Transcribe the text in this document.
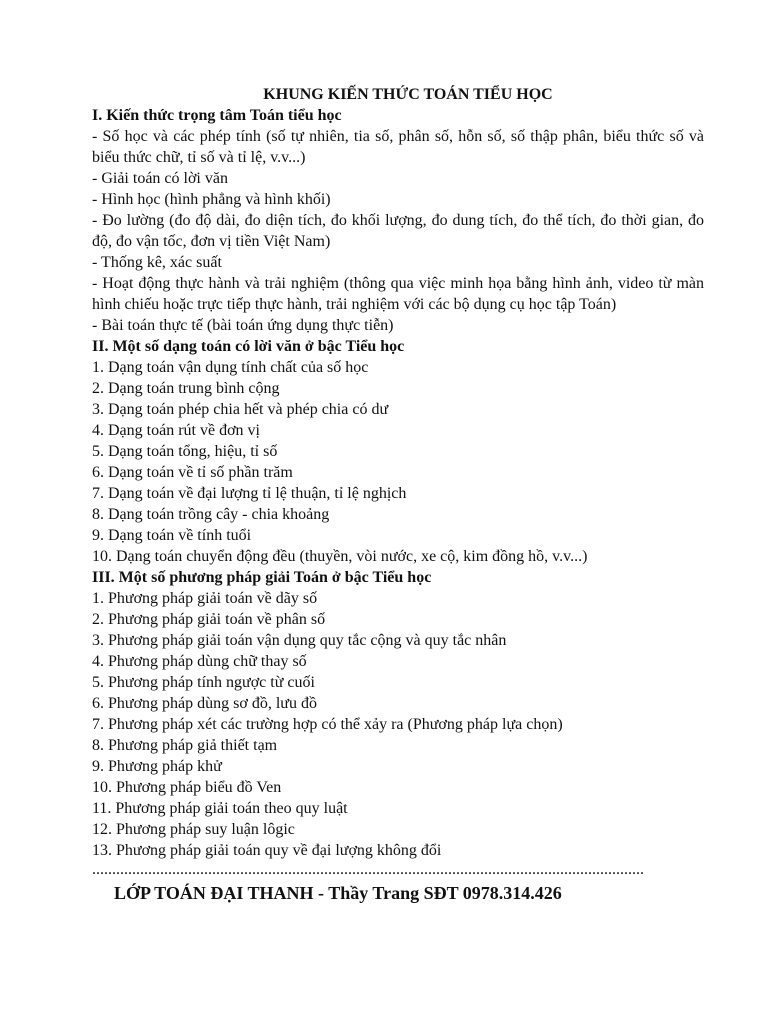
KHUNG KIẾN THỨC TOÁN TIỂU HỌC

I. Kiến thức trọng tâm Toán tiểu học

- Số học và các phép tính (số tự nhiên, tia số, phân số, hỗn số, số thập phân, biểu thức số và biểu thức chữ, tỉ số và tỉ lệ, v.v...)

- Giải toán có lời văn

- Hình học (hình phẳng và hình khối)

- Đo lường (đo độ dài, đo diện tích, đo khối lượng, đo dung tích, đo thể tích, đo thời gian, đo độ, đo vận tốc, đơn vị tiền Việt Nam)

- Thống kê, xác suất

- Hoạt động thực hành và trải nghiệm (thông qua việc minh họa bằng hình ảnh, video từ màn hình chiếu hoặc trực tiếp thực hành, trải nghiệm với các bộ dụng cụ học tập Toán)

- Bài toán thực tế (bài toán ứng dụng thực tiễn)

II. Một số dạng toán có lời văn ở bậc Tiểu học

1. Dạng toán vận dụng tính chất của số học

2. Dạng toán trung bình cộng

3. Dạng toán phép chia hết và phép chia có dư

4. Dạng toán rút về đơn vị

5. Dạng toán tổng, hiệu, tỉ số

6. Dạng toán về tỉ số phần trăm

7. Dạng toán về đại lượng tỉ lệ thuận, tỉ lệ nghịch

8. Dạng toán trồng cây - chia khoảng

9. Dạng toán về tính tuổi

10. Dạng toán chuyển động đều (thuyền, vòi nước, xe cộ, kim đồng hồ, v.v...)

III. Một số phương pháp giải Toán ở bậc Tiểu học

1. Phương pháp giải toán về dãy số

2. Phương pháp giải toán về phân số

3. Phương pháp giải toán vận dụng quy tắc cộng và quy tắc nhân

4. Phương pháp dùng chữ thay số

5. Phương pháp tính ngược từ cuối

6. Phương pháp dùng sơ đồ, lưu đồ

7. Phương pháp xét các trường hợp có thể xảy ra (Phương pháp lựa chọn)

8. Phương pháp giả thiết tạm

9. Phương pháp khử

10. Phương pháp biểu đồ Ven

11. Phương pháp giải toán theo quy luật

12. Phương pháp suy luận lôgic

13. Phương pháp giải toán quy về đại lượng không đổi

..........................................................................................................................................

LỚP TOÁN ĐẠI THANH - Thầy Trang SĐT 0978.314.426
